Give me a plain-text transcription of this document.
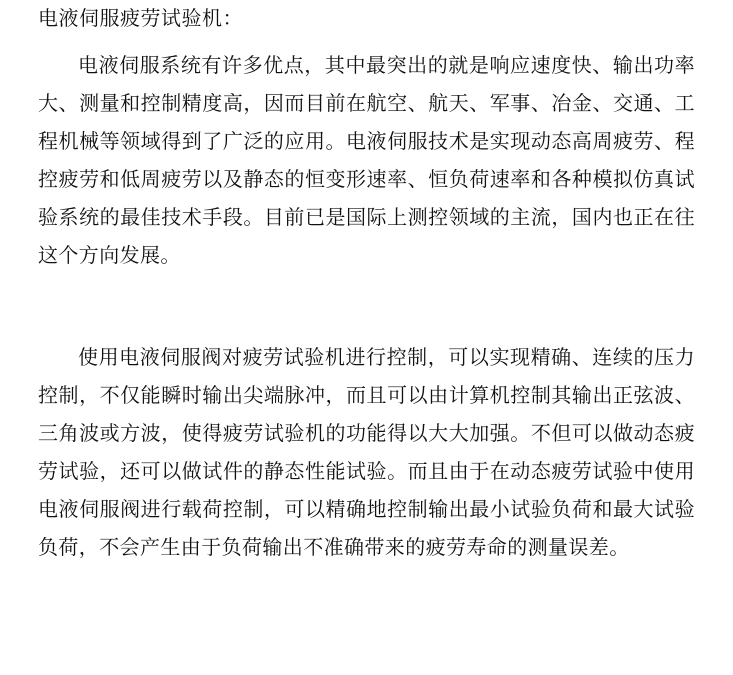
电液伺服疲劳试验机：

电液伺服系统有许多优点，其中最突出的就是响应速度快、输出功率大、测量和控制精度高，因而目前在航空、航天、军事、冶金、交通、工程机械等领域得到了广泛的应用。电液伺服技术是实现动态高周疲劳、程控疲劳和低周疲劳以及静态的恒变形速率、恒负荷速率和各种模拟仿真试验系统的最佳技术手段。目前已是国际上测控领域的主流，国内也正在往这个方向发展。

使用电液伺服阀对疲劳试验机进行控制，可以实现精确、连续的压力控制，不仅能瞬时输出尖端脉冲，而且可以由计算机控制其输出正弦波、三角波或方波，使得疲劳试验机的功能得以大大加强。不但可以做动态疲劳试验，还可以做试件的静态性能试验。而且由于在动态疲劳试验中使用电液伺服阀进行载荷控制，可以精确地控制输出最小试验负荷和最大试验负荷，不会产生由于负荷输出不准确带来的疲劳寿命的测量误差。
